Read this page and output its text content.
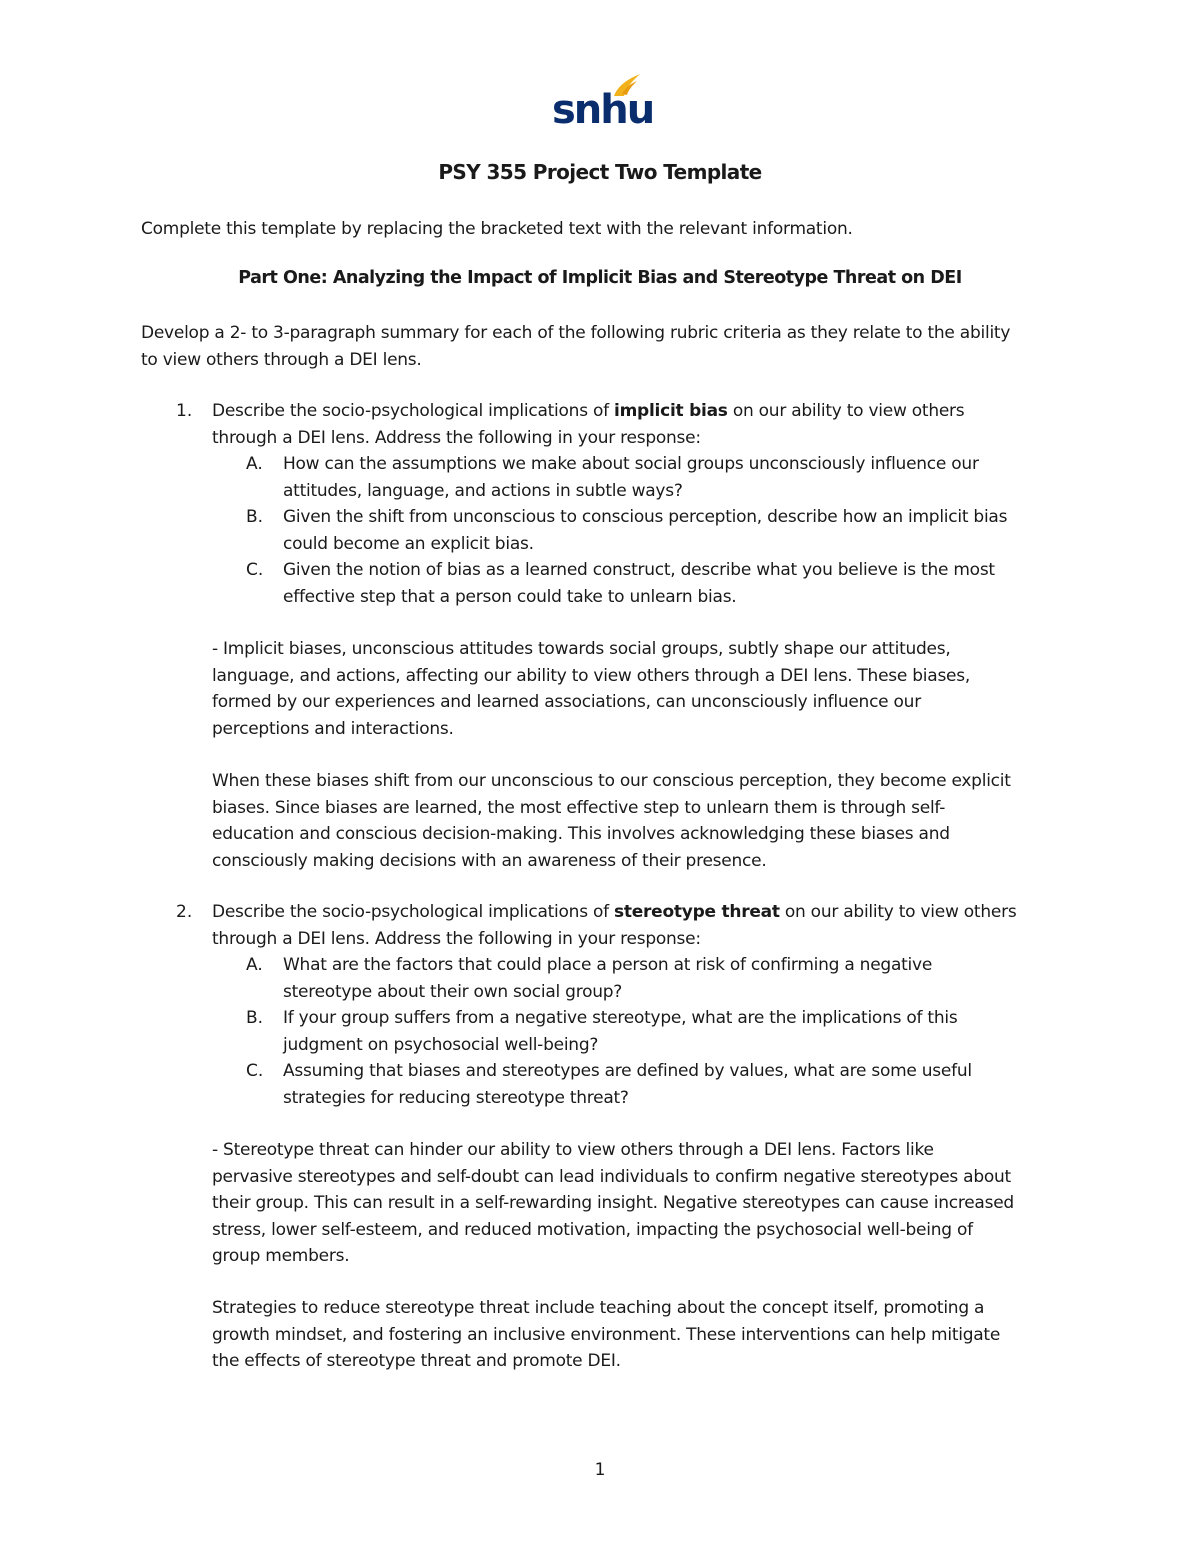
snhu
PSY 355 Project Two Template
Complete this template by replacing the bracketed text with the relevant information.
Part One: Analyzing the Impact of Implicit Bias and Stereotype Threat on DEI
Develop a 2- to 3-paragraph summary for each of the following rubric criteria as they relate to the ability
to view others through a DEI lens.
1. Describe the socio-psychological implications of implicit bias on our ability to view others
through a DEI lens. Address the following in your response:
A. How can the assumptions we make about social groups unconsciously influence our
attitudes, language, and actions in subtle ways?
B. Given the shift from unconscious to conscious perception, describe how an implicit bias
could become an explicit bias.
C. Given the notion of bias as a learned construct, describe what you believe is the most
effective step that a person could take to unlearn bias.
- Implicit biases, unconscious attitudes towards social groups, subtly shape our attitudes,
language, and actions, affecting our ability to view others through a DEI lens. These biases,
formed by our experiences and learned associations, can unconsciously influence our
perceptions and interactions.
When these biases shift from our unconscious to our conscious perception, they become explicit
biases. Since biases are learned, the most effective step to unlearn them is through self-
education and conscious decision-making. This involves acknowledging these biases and
consciously making decisions with an awareness of their presence.
2. Describe the socio-psychological implications of stereotype threat on our ability to view others
through a DEI lens. Address the following in your response:
A. What are the factors that could place a person at risk of confirming a negative
stereotype about their own social group?
B. If your group suffers from a negative stereotype, what are the implications of this
judgment on psychosocial well-being?
C. Assuming that biases and stereotypes are defined by values, what are some useful
strategies for reducing stereotype threat?
- Stereotype threat can hinder our ability to view others through a DEI lens. Factors like
pervasive stereotypes and self-doubt can lead individuals to confirm negative stereotypes about
their group. This can result in a self-rewarding insight. Negative stereotypes can cause increased
stress, lower self-esteem, and reduced motivation, impacting the psychosocial well-being of
group members.
Strategies to reduce stereotype threat include teaching about the concept itself, promoting a
growth mindset, and fostering an inclusive environment. These interventions can help mitigate
the effects of stereotype threat and promote DEI.
1
